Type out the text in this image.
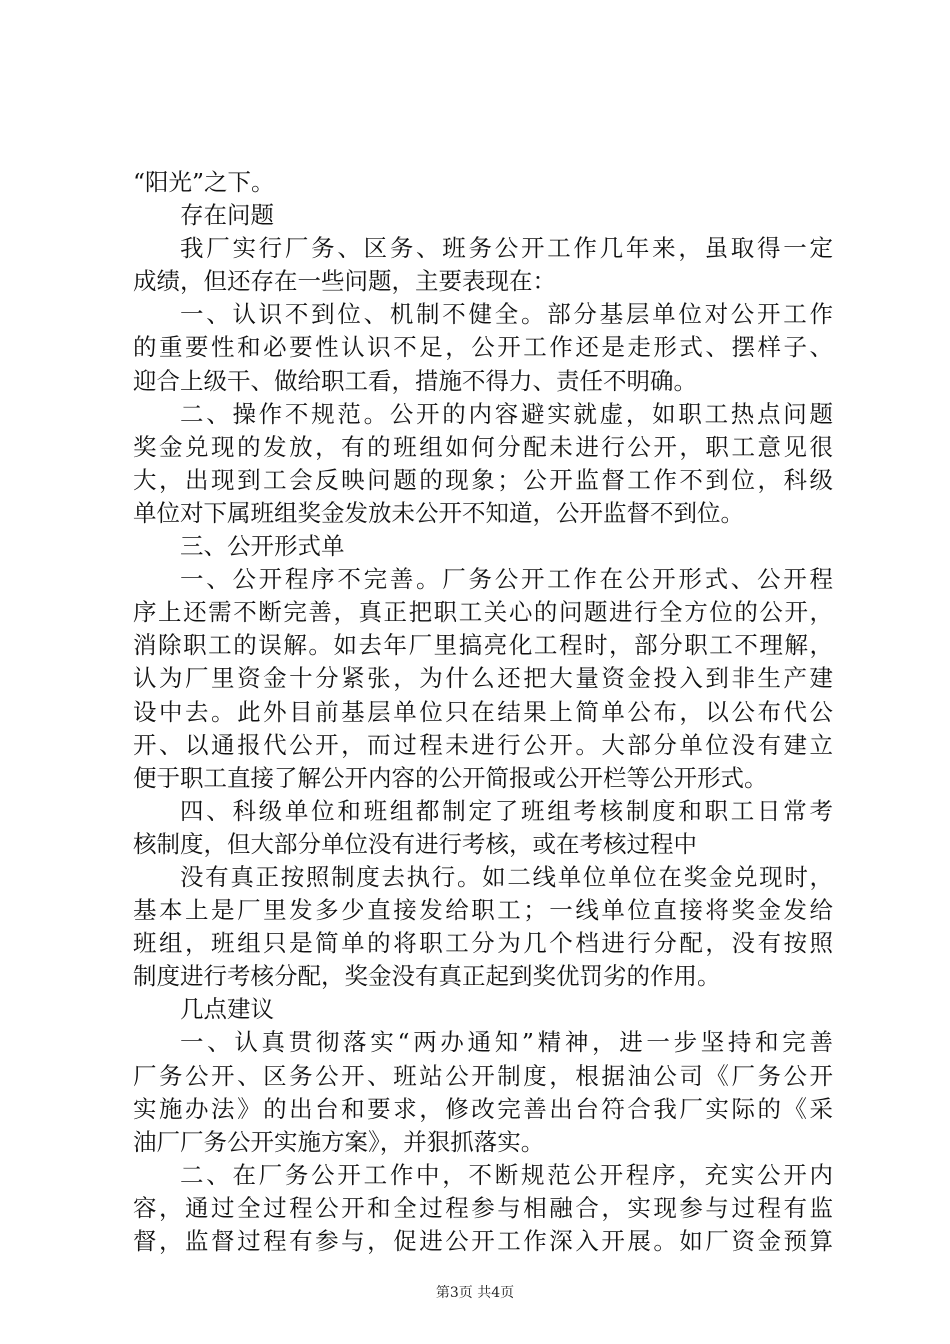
“阳光”之下。
存在问题
我厂实行厂务、区务、班务公开工作几年来，虽取得一定
成绩，但还存在一些问题，主要表现在：
一、认识不到位、机制不健全。部分基层单位对公开工作
的重要性和必要性认识不足，公开工作还是走形式、摆样子、
迎合上级干、做给职工看，措施不得力、责任不明确。
二、操作不规范。公开的内容避实就虚，如职工热点问题
奖金兑现的发放，有的班组如何分配未进行公开，职工意见很
大，出现到工会反映问题的现象；公开监督工作不到位，科级
单位对下属班组奖金发放未公开不知道，公开监督不到位。
三、公开形式单
一、公开程序不完善。厂务公开工作在公开形式、公开程
序上还需不断完善，真正把职工关心的问题进行全方位的公开，
消除职工的误解。如去年厂里搞亮化工程时，部分职工不理解，
认为厂里资金十分紧张，为什么还把大量资金投入到非生产建
设中去。此外目前基层单位只在结果上简单公布，以公布代公
开、以通报代公开，而过程未进行公开。大部分单位没有建立
便于职工直接了解公开内容的公开简报或公开栏等公开形式。
四、科级单位和班组都制定了班组考核制度和职工日常考
核制度，但大部分单位没有进行考核，或在考核过程中
没有真正按照制度去执行。如二线单位单位在奖金兑现时，
基本上是厂里发多少直接发给职工；一线单位直接将奖金发给
班组，班组只是简单的将职工分为几个档进行分配，没有按照
制度进行考核分配，奖金没有真正起到奖优罚劣的作用。
几点建议
一、认真贯彻落实“两办通知”精神，进一步坚持和完善
厂务公开、区务公开、班站公开制度，根据油公司《厂务公开
实施办法》的出台和要求，修改完善出台符合我厂实际的《采
油厂厂务公开实施方案》，并狠抓落实。
二、在厂务公开工作中，不断规范公开程序，充实公开内
容，通过全过程公开和全过程参与相融合，实现参与过程有监
督，监督过程有参与，促进公开工作深入开展。如厂资金预算
第3页 共4页
